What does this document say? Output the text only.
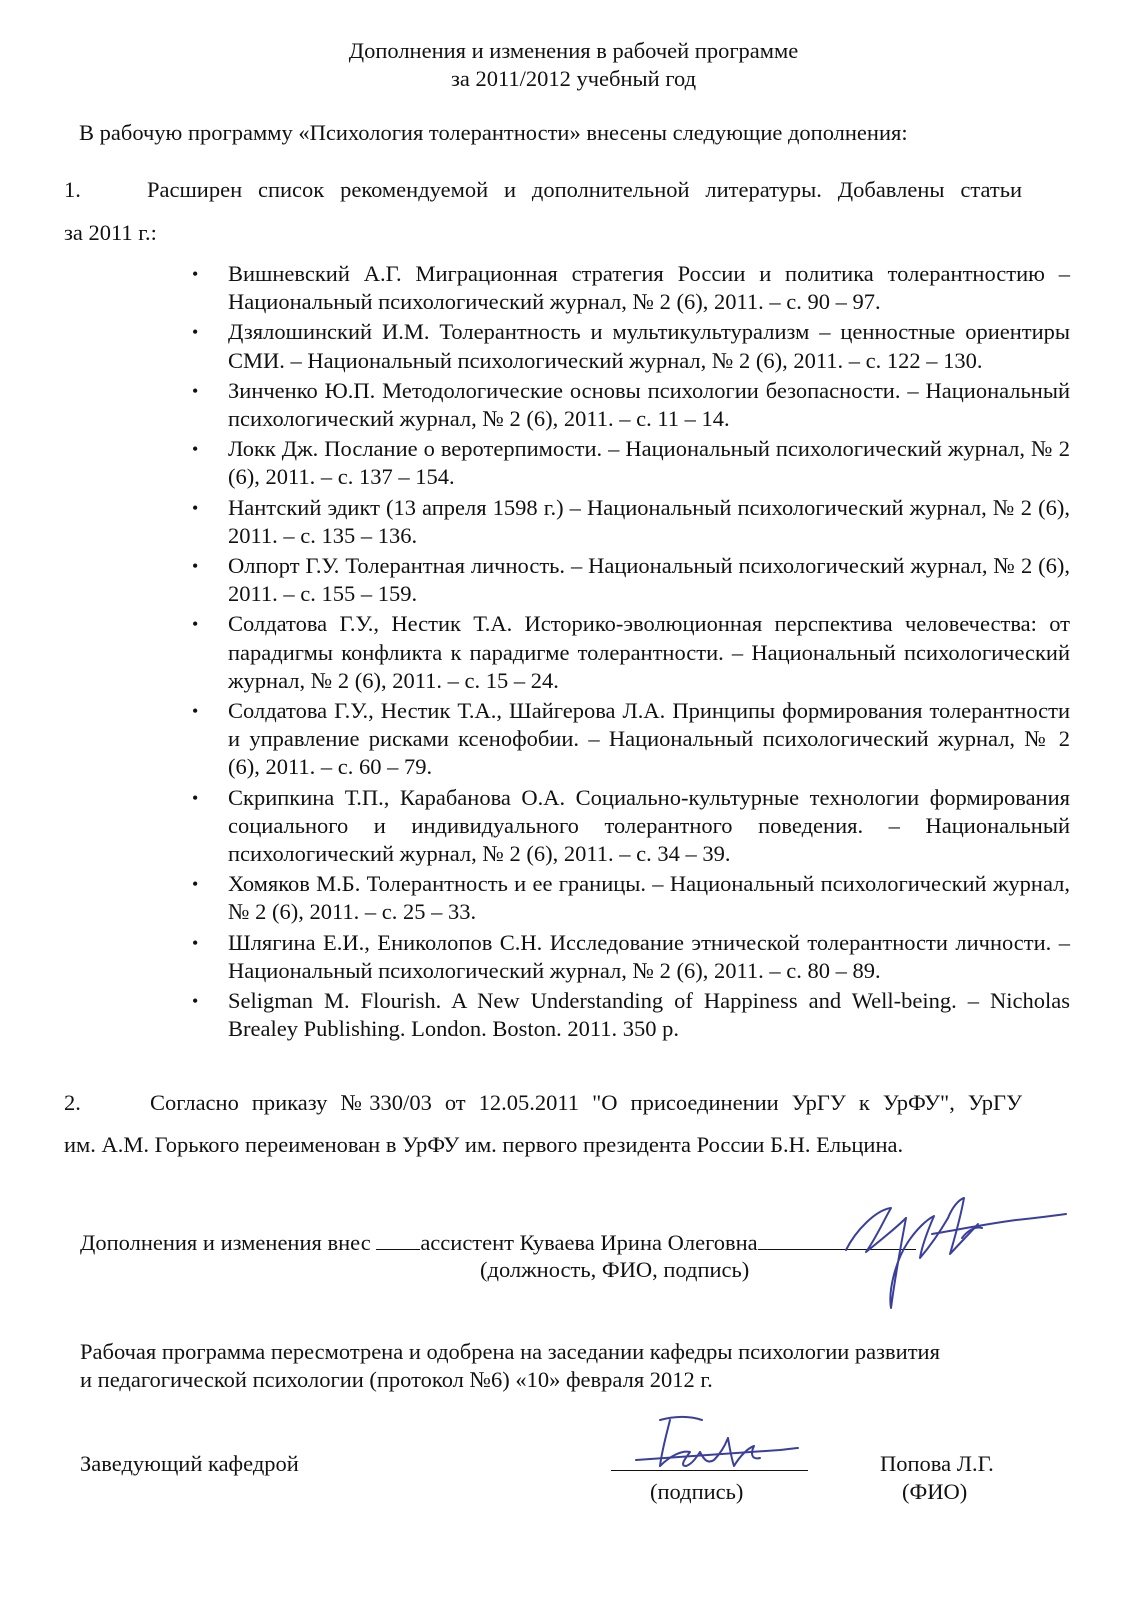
Дополнения и изменения в рабочей программе
за 2011/2012 учебный год
В рабочую программу «Психология толерантности» внесены следующие дополнения:
1.	Расширен список рекомендуемой и дополнительной литературы. Добавлены статьи
за 2011 г.:
• Вишневский А.Г. Миграционная стратегия России и политика толерантностию – Национальный психологический журнал, № 2 (6), 2011. – с. 90 – 97.
• Дзялошинский И.М. Толерантность и мультикультурализм – ценностные ориентиры СМИ. – Национальный психологический журнал, № 2 (6), 2011. – с. 122 – 130.
• Зинченко Ю.П. Методологические основы психологии безопасности. – Национальный психологический журнал, № 2 (6), 2011. – с. 11 – 14.
• Локк Дж. Послание о веротерпимости. – Национальный психологический журнал, № 2 (6), 2011. – с. 137 – 154.
• Нантский эдикт (13 апреля 1598 г.) – Национальный психологический журнал, № 2 (6), 2011. – с. 135 – 136.
• Олпорт Г.У. Толерантная личность. – Национальный психологический журнал, № 2 (6), 2011. – с. 155 – 159.
• Солдатова Г.У., Нестик Т.А. Историко-эволюционная перспектива человечества: от парадигмы конфликта к парадигме толерантности. – Национальный психологический журнал, № 2 (6), 2011. – с. 15 – 24.
• Солдатова Г.У., Нестик Т.А., Шайгерова Л.А. Принципы формирования толерантности и управление рисками ксенофобии. – Национальный психологический журнал, № 2 (6), 2011. – с. 60 – 79.
• Скрипкина Т.П., Карабанова О.А. Социально-культурные технологии формирования социального и индивидуального толерантного поведения. – Национальный психологический журнал, № 2 (6), 2011. – с. 34 – 39.
• Хомяков М.Б. Толерантность и ее границы. – Национальный психологический журнал, № 2 (6), 2011. – с. 25 – 33.
• Шлягина Е.И., Ениколопов С.Н. Исследование этнической толерантности личности. – Национальный психологический журнал, № 2 (6), 2011. – с. 80 – 89.
• Seligman M. Flourish. A New Understanding of Happiness and Well-being. – Nicholas Brealey Publishing. London. Boston. 2011. 350 p.
2.	Согласно приказу №330/03 от 12.05.2011 "О присоединении УрГУ к УрФУ", УрГУ
им. А.М. Горького переименован в УрФУ им. первого президента России Б.Н. Ельцина.
Дополнения и изменения внес ассистент Куваева Ирина Олеговна
(должность, ФИО, подпись)
Рабочая программа пересмотрена и одобрена на заседании кафедры психологии развития
и педагогической психологии (протокол №6) «10» февраля 2012 г.
Заведующий кафедрой
(подпись)
Попова Л.Г.
(ФИО)
